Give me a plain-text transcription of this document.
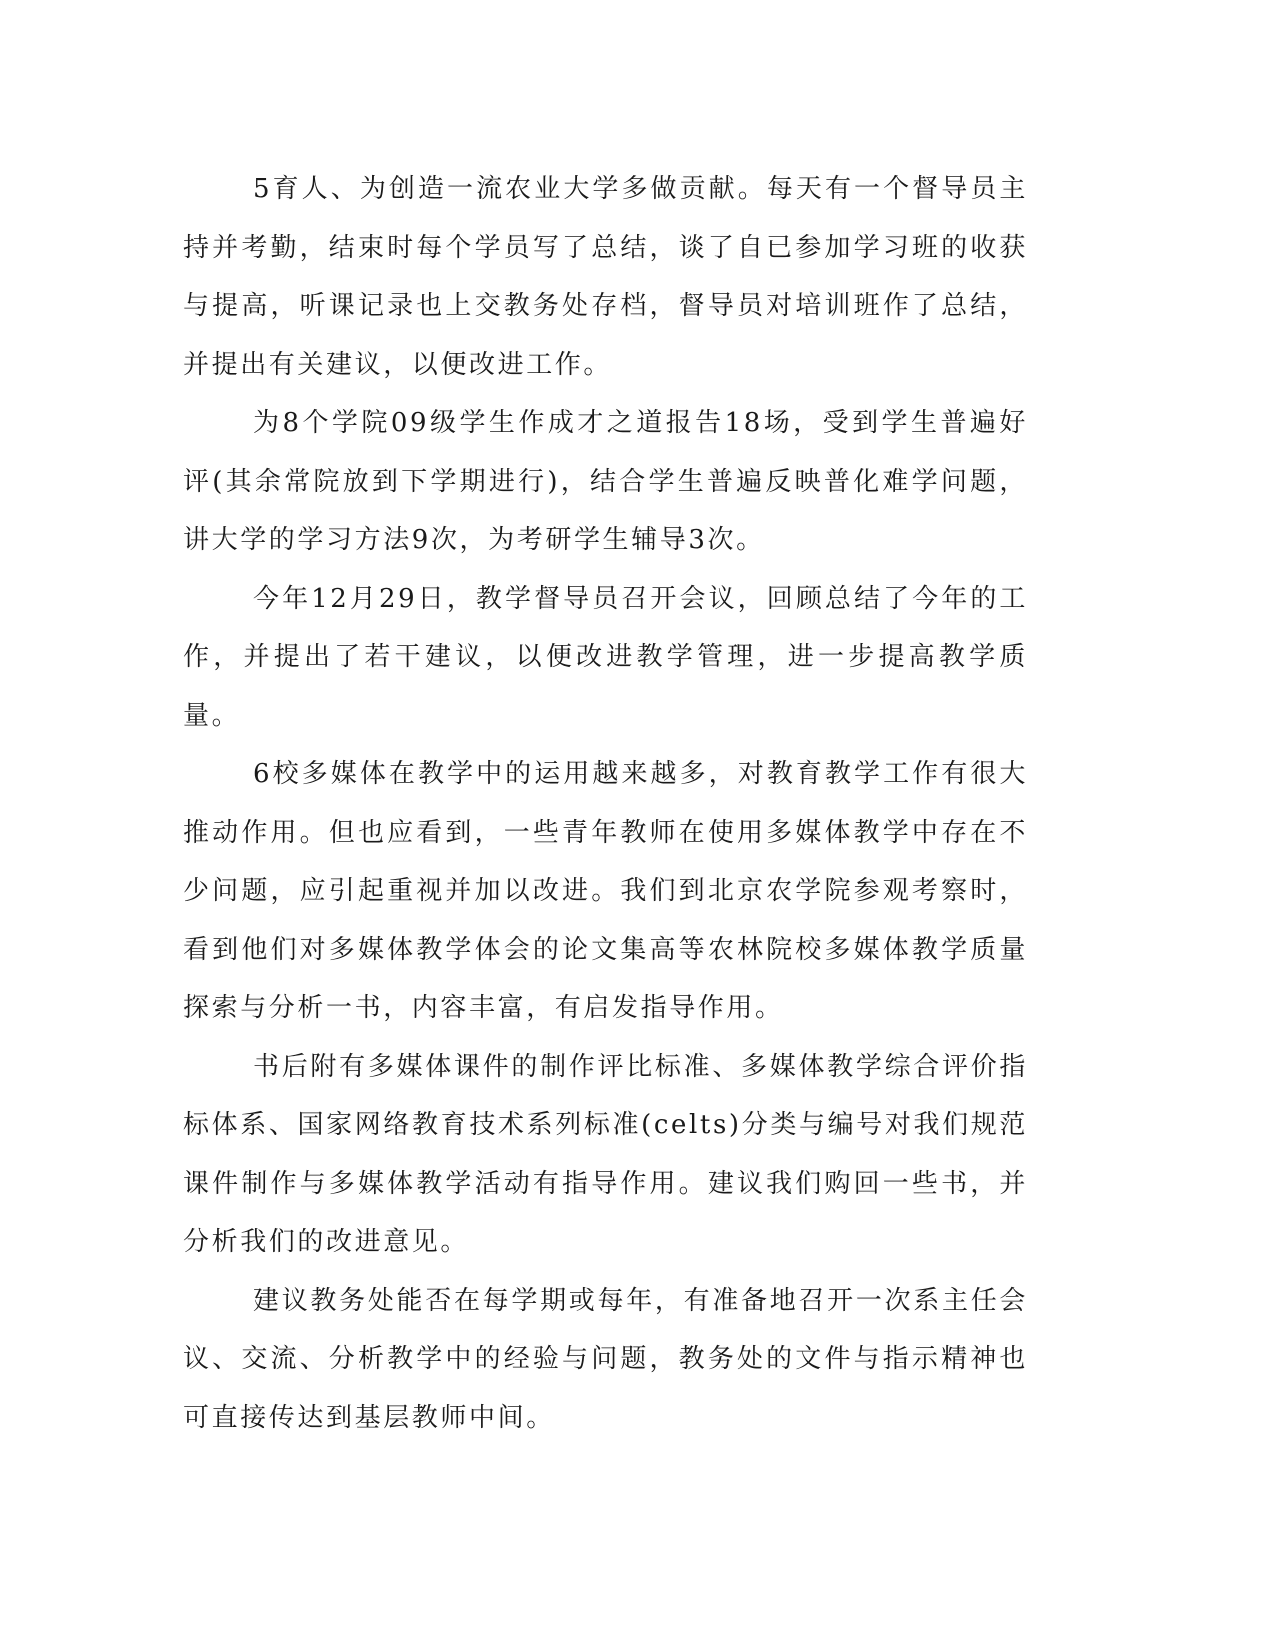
5育人、为创造一流农业大学多做贡献。每天有一个督导员主持并考勤，结束时每个学员写了总结，谈了自已参加学习班的收获与提高，听课记录也上交教务处存档，督导员对培训班作了总结，并提出有关建议，以便改进工作。

为8个学院09级学生作成才之道报告18场，受到学生普遍好评(其余常院放到下学期进行)，结合学生普遍反映普化难学问题，讲大学的学习方法9次，为考研学生辅导3次。

今年12月29日，教学督导员召开会议，回顾总结了今年的工作，并提出了若干建议，以便改进教学管理，进一步提高教学质量。

6校多媒体在教学中的运用越来越多，对教育教学工作有很大推动作用。但也应看到，一些青年教师在使用多媒体教学中存在不少问题，应引起重视并加以改进。我们到北京农学院参观考察时，看到他们对多媒体教学体会的论文集高等农林院校多媒体教学质量探索与分析一书，内容丰富，有启发指导作用。

书后附有多媒体课件的制作评比标准、多媒体教学综合评价指标体系、国家网络教育技术系列标准(celts)分类与编号对我们规范课件制作与多媒体教学活动有指导作用。建议我们购回一些书，并分析我们的改进意见。

建议教务处能否在每学期或每年，有准备地召开一次系主任会议、交流、分析教学中的经验与问题，教务处的文件与指示精神也可直接传达到基层教师中间。
